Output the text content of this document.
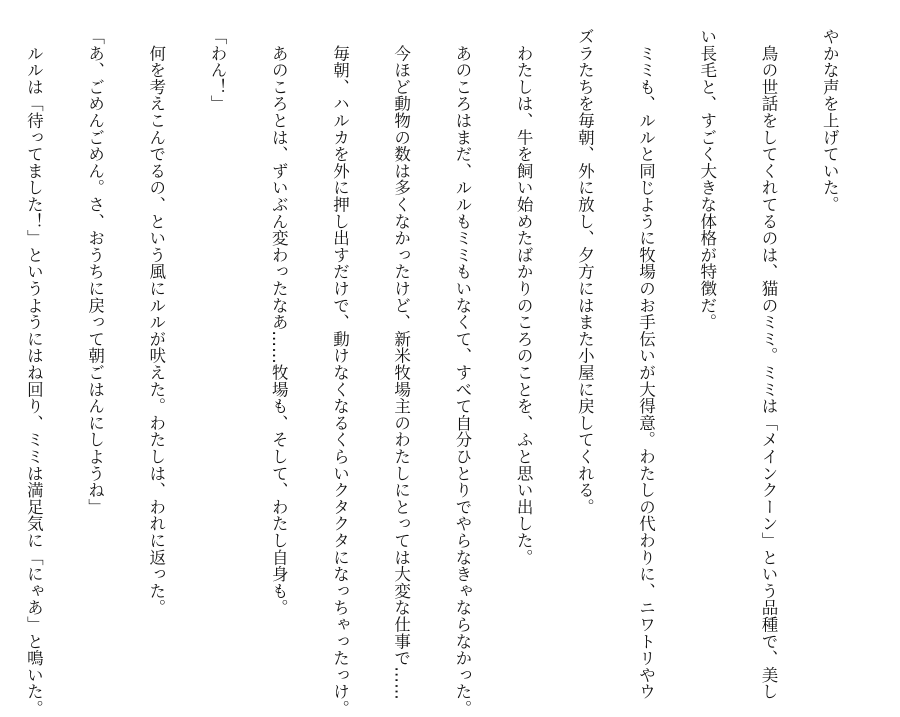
やかな声を上げていた。

　鳥の世話をしてくれてるのは、猫のミミ。ミミは「メインクーン」という品種で、美し

い長毛と、すごく大きな体格が特徴だ。

　ミミも、ルルと同じように牧場のお手伝いが大得意。わたしの代わりに、ニワトリやウ

ズラたちを毎朝、外に放し、夕方にはまた小屋に戻してくれる。

　わたしは、牛を飼い始めたばかりのころのことを、ふと思い出した。

　あのころはまだ、ルルもミミもいなくて、すべて自分ひとりでやらなきゃならなかった。

　今ほど動物の数は多くなかったけど、新米牧場主のわたしにとっては大変な仕事で……

　毎朝、ハルカを外に押し出すだけで、動けなくなるくらいクタクタになっちゃったっけ。

　あのころとは、ずいぶん変わったなあ……牧場も、そして、わたし自身も。

「わん！」

　何を考えこんでるの、という風にルルが吠えた。わたしは、われに返った。

「あ、ごめんごめん。さ、おうちに戻って朝ごはんにしようね」

　ルルは「待ってました！」というようにはね回り、ミミは満足気に「にゃあ」と鳴いた。
